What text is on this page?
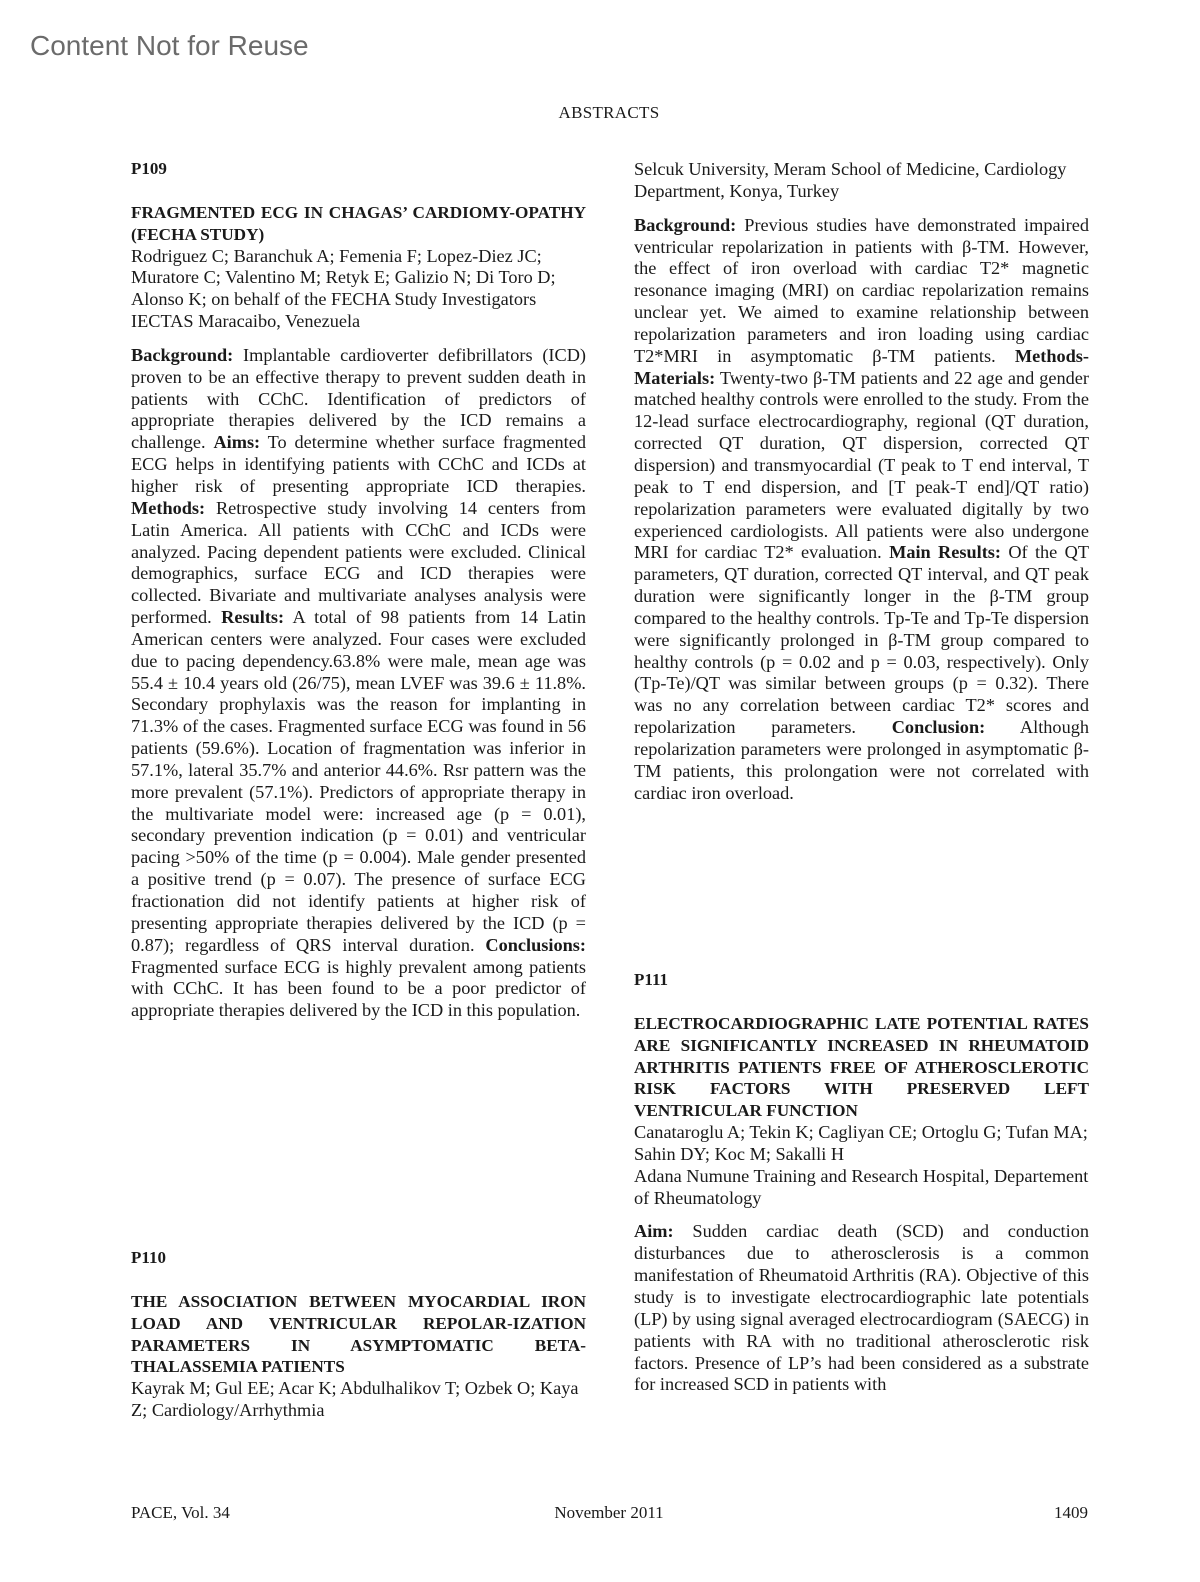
Content Not for Reuse
ABSTRACTS
P109
FRAGMENTED ECG IN CHAGAS’ CARDIOMY-OPATHY (FECHA STUDY)

Rodriguez C; Baranchuk A; Femenia F; Lopez-Diez JC; Muratore C; Valentino M; Retyk E; Galizio N; Di Toro D; Alonso K; on behalf of the FECHA Study Investigators

IECTAS Maracaibo, Venezuela

Background: Implantable cardioverter defibrillators (ICD) proven to be an effective therapy to prevent sudden death in patients with CChC. Identification of predictors of appropriate therapies delivered by the ICD remains a challenge. Aims: To determine whether surface fragmented ECG helps in identifying patients with CChC and ICDs at higher risk of presenting appropriate ICD therapies. Methods: Retrospective study involving 14 centers from Latin America. All patients with CChC and ICDs were analyzed. Pacing dependent patients were excluded. Clinical demographics, surface ECG and ICD therapies were collected. Bivariate and multivariate analyses analysis were performed. Results: A total of 98 patients from 14 Latin American centers were analyzed. Four cases were excluded due to pacing dependency.63.8% were male, mean age was 55.4 ± 10.4 years old (26/75), mean LVEF was 39.6 ± 11.8%. Secondary prophylaxis was the reason for implanting in 71.3% of the cases. Fragmented surface ECG was found in 56 patients (59.6%). Location of fragmentation was inferior in 57.1%, lateral 35.7% and anterior 44.6%. Rsr pattern was the more prevalent (57.1%). Predictors of appropriate therapy in the multivariate model were: increased age (p = 0.01), secondary prevention indication (p = 0.01) and ventricular pacing >50% of the time (p = 0.004). Male gender presented a positive trend (p = 0.07). The presence of surface ECG fractionation did not identify patients at higher risk of presenting appropriate therapies delivered by the ICD (p = 0.87); regardless of QRS interval duration. Conclusions: Fragmented surface ECG is highly prevalent among patients with CChC. It has been found to be a poor predictor of appropriate therapies delivered by the ICD in this population.

P110
THE ASSOCIATION BETWEEN MYOCARDIAL IRON LOAD AND VENTRICULAR REPOLAR-IZATION PARAMETERS IN ASYMPTOMATIC BETA-THALASSEMIA PATIENTS

Kayrak M; Gul EE; Acar K; Abdulhalikov T; Ozbek O; Kaya Z; Cardiology/Arrhythmia

Selcuk University, Meram School of Medicine, Cardiology Department, Konya, Turkey

Background: Previous studies have demonstrated impaired ventricular repolarization in patients with β-TM. However, the effect of iron overload with cardiac T2* magnetic resonance imaging (MRI) on cardiac repolarization remains unclear yet. We aimed to examine relationship between repolarization parameters and iron loading using cardiac T2*MRI in asymptomatic β-TM patients. Methods-Materials: Twenty-two β-TM patients and 22 age and gender matched healthy controls were enrolled to the study. From the 12-lead surface electrocardiography, regional (QT duration, corrected QT duration, QT dispersion, corrected QT dispersion) and transmyocardial (T peak to T end interval, T peak to T end dispersion, and [T peak-T end]/QT ratio) repolarization parameters were evaluated digitally by two experienced cardiologists. All patients were also undergone MRI for cardiac T2* evaluation. Main Results: Of the QT parameters, QT duration, corrected QT interval, and QT peak duration were significantly longer in the β-TM group compared to the healthy controls. Tp-Te and Tp-Te dispersion were significantly prolonged in β-TM group compared to healthy controls (p = 0.02 and p = 0.03, respectively). Only (Tp-Te)/QT was similar between groups (p = 0.32). There was no any correlation between cardiac T2* scores and repolarization parameters. Conclusion: Although repolarization parameters were prolonged in asymptomatic β-TM patients, this prolongation were not correlated with cardiac iron overload.

P111
ELECTROCARDIOGRAPHIC LATE POTENTIAL RATES ARE SIGNIFICANTLY INCREASED IN RHEUMATOID ARTHRITIS PATIENTS FREE OF ATHEROSCLEROTIC RISK FACTORS WITH PRESERVED LEFT VENTRICULAR FUNCTION

Canataroglu A; Tekin K; Cagliyan CE; Ortoglu G; Tufan MA; Sahin DY; Koc M; Sakalli H

Adana Numune Training and Research Hospital, Departement of Rheumatology

Aim: Sudden cardiac death (SCD) and conduction disturbances due to atherosclerosis is a common manifestation of Rheumatoid Arthritis (RA). Objective of this study is to investigate electrocardiographic late potentials (LP) by using signal averaged electrocardiogram (SAECG) in patients with RA with no traditional atherosclerotic risk factors. Presence of LP’s had been considered as a substrate for increased SCD in patients with

PACE, Vol. 34	November 2011	1409
